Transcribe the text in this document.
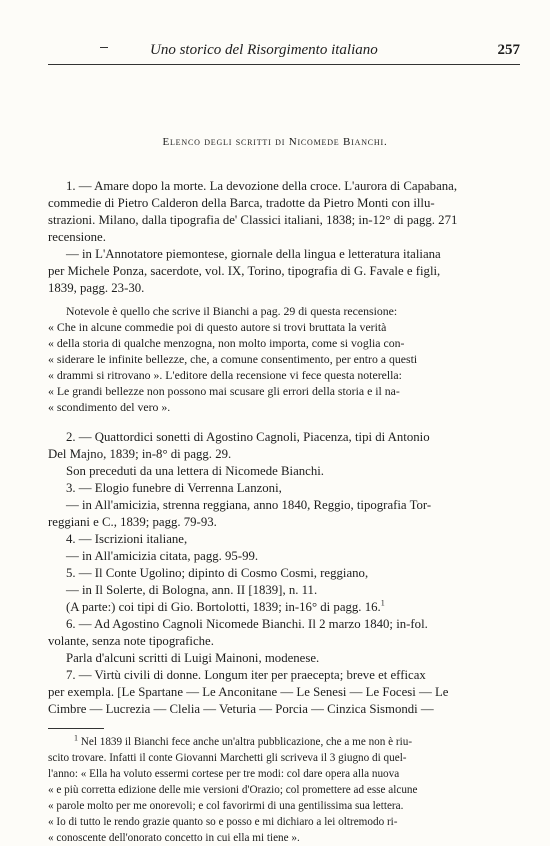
Uno storico del Risorgimento italiano	257
Elenco degli scritti di Nicomede Bianchi.
1. — Amare dopo la morte. La devozione della croce. L'aurora di Capabana,
commedie di Pietro Calderon della Barca, tradotte da Pietro Monti con illu-
strazioni. Milano, dalla tipografia de' Classici italiani, 1838; in-12° di pagg. 271
recensione.
— in L'Annotatore piemontese, giornale della lingua e letteratura italiana
per Michele Ponza, sacerdote, vol. IX, Torino, tipografia di G. Favale e figli,
1839, pagg. 23-30.
Notevole è quello che scrive il Bianchi a pag. 29 di questa recensione:
« Che in alcune commedie poi di questo autore si trovi bruttata la verità
« della storia di qualche menzogna, non molto importa, come si voglia con-
« siderare le infinite bellezze, che, a comune consentimento, per entro a questi
« drammi si ritrovano ». L'editore della recensione vi fece questa noterella:
« Le grandi bellezze non possono mai scusare gli errori della storia e il na-
« scondimento del vero ».
2. — Quattordici sonetti di Agostino Cagnoli, Piacenza, tipi di Antonio
Del Majno, 1839; in-8° di pagg. 29.
Son preceduti da una lettera di Nicomede Bianchi.
3. — Elogio funebre di Verrenna Lanzoni,
— in All'amicizia, strenna reggiana, anno 1840, Reggio, tipografia Tor-
reggiani e C., 1839; pagg. 79-93.
4. — Iscrizioni italiane,
— in All'amicizia citata, pagg. 95-99.
5. — Il Conte Ugolino; dipinto di Cosmo Cosmi, reggiano,
— in Il Solerte, di Bologna, ann. II [1839], n. 11.
(A parte:) coi tipi di Gio. Bortolotti, 1839; in-16° di pagg. 16.$^1$
6. — Ad Agostino Cagnoli Nicomede Bianchi. Il 2 marzo 1840; in-fol.
volante, senza note tipografiche.
Parla d'alcuni scritti di Luigi Mainoni, modenese.
7. — Virtù civili di donne. Longum iter per praecepta; breve et efficax
per exempla. [Le Spartane — Le Anconitane — Le Senesi — Le Focesi — Le
Cimbre — Lucrezia — Clelia — Veturia — Porcia — Cinzica Sismondi —
$^1$ Nel 1839 il Bianchi fece anche un'altra pubblicazione, che a me non è riu-
scito trovare. Infatti il conte Giovanni Marchetti gli scriveva il 3 giugno di quel-
l'anno: « Ella ha voluto essermi cortese per tre modi: col dare opera alla nuova
« e più corretta edizione delle mie versioni d'Orazio; col promettere ad esse alcune
« parole molto per me onorevoli; e col favorirmi di una gentilissima sua lettera.
« Io di tutto le rendo grazie quanto so e posso e mi dichiaro a lei oltremodo ri-
« conoscente dell'onorato concetto in cui ella mi tiene ».
